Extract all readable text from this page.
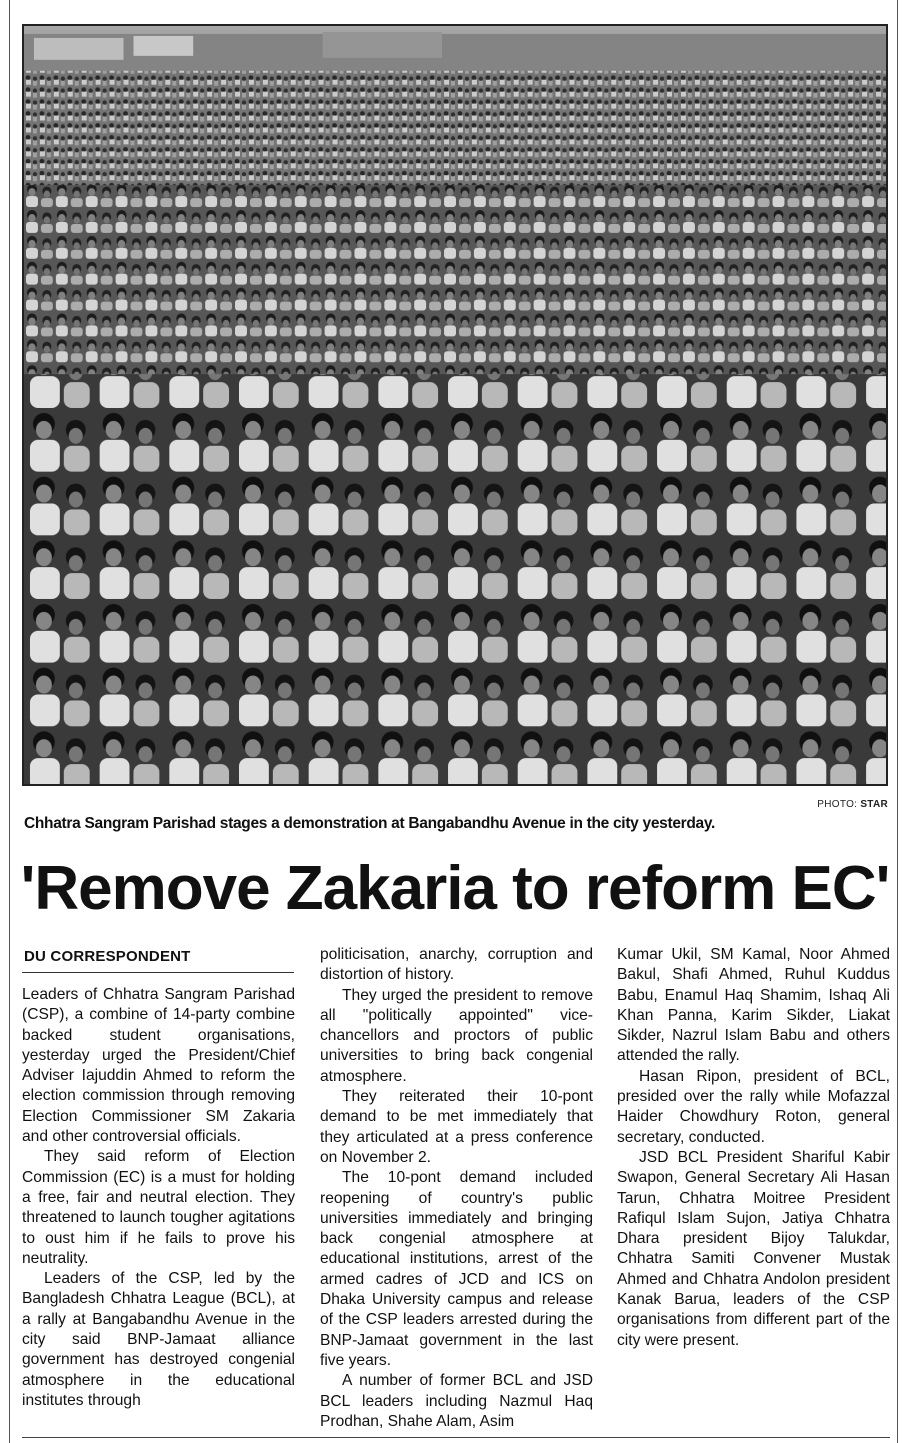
PHOTO: STAR
Chhatra Sangram Parishad stages a demonstration at Bangabandhu Avenue in the city yesterday.
'Remove Zakaria to reform EC'
DU CORRESPONDENT

Leaders of Chhatra Sangram Parishad (CSP), a combine of 14-party combine backed student organisations, yesterday urged the President/Chief Adviser Iajuddin Ahmed to reform the election commission through removing Election Commissioner SM Zakaria and other controversial officials.

They said reform of Election Commission (EC) is a must for holding a free, fair and neutral election. They threatened to launch tougher agitations to oust him if he fails to prove his neutrality.

Leaders of the CSP, led by the Bangladesh Chhatra League (BCL), at a rally at Bangabandhu Avenue in the city said BNP-Jamaat alliance government has destroyed congenial atmosphere in the educational institutes through

politicisation, anarchy, corruption and distortion of history.

They urged the president to remove all "politically appointed" vice-chancellors and proctors of public universities to bring back congenial atmosphere.

They reiterated their 10-pont demand to be met immediately that they articulated at a press conference on November 2.

The 10-pont demand included reopening of country's public universities immediately and bringing back congenial atmosphere at educational institutions, arrest of the armed cadres of JCD and ICS on Dhaka University campus and release of the CSP leaders arrested during the BNP-Jamaat government in the last five years.

A number of former BCL and JSD BCL leaders including Nazmul Haq Prodhan, Shahe Alam, Asim

Kumar Ukil, SM Kamal, Noor Ahmed Bakul, Shafi Ahmed, Ruhul Kuddus Babu, Enamul Haq Shamim, Ishaq Ali Khan Panna, Karim Sikder, Liakat Sikder, Nazrul Islam Babu and others attended the rally.

Hasan Ripon, president of BCL, presided over the rally while Mofazzal Haider Chowdhury Roton, general secretary, conducted.

JSD BCL President Shariful Kabir Swapon, General Secretary Ali Hasan Tarun, Chhatra Moitree President Rafiqul Islam Sujon, Jatiya Chhatra Dhara president Bijoy Talukdar, Chhatra Samiti Convener Mustak Ahmed and Chhatra Andolon president Kanak Barua, leaders of the CSP organisations from different part of the city were present.
